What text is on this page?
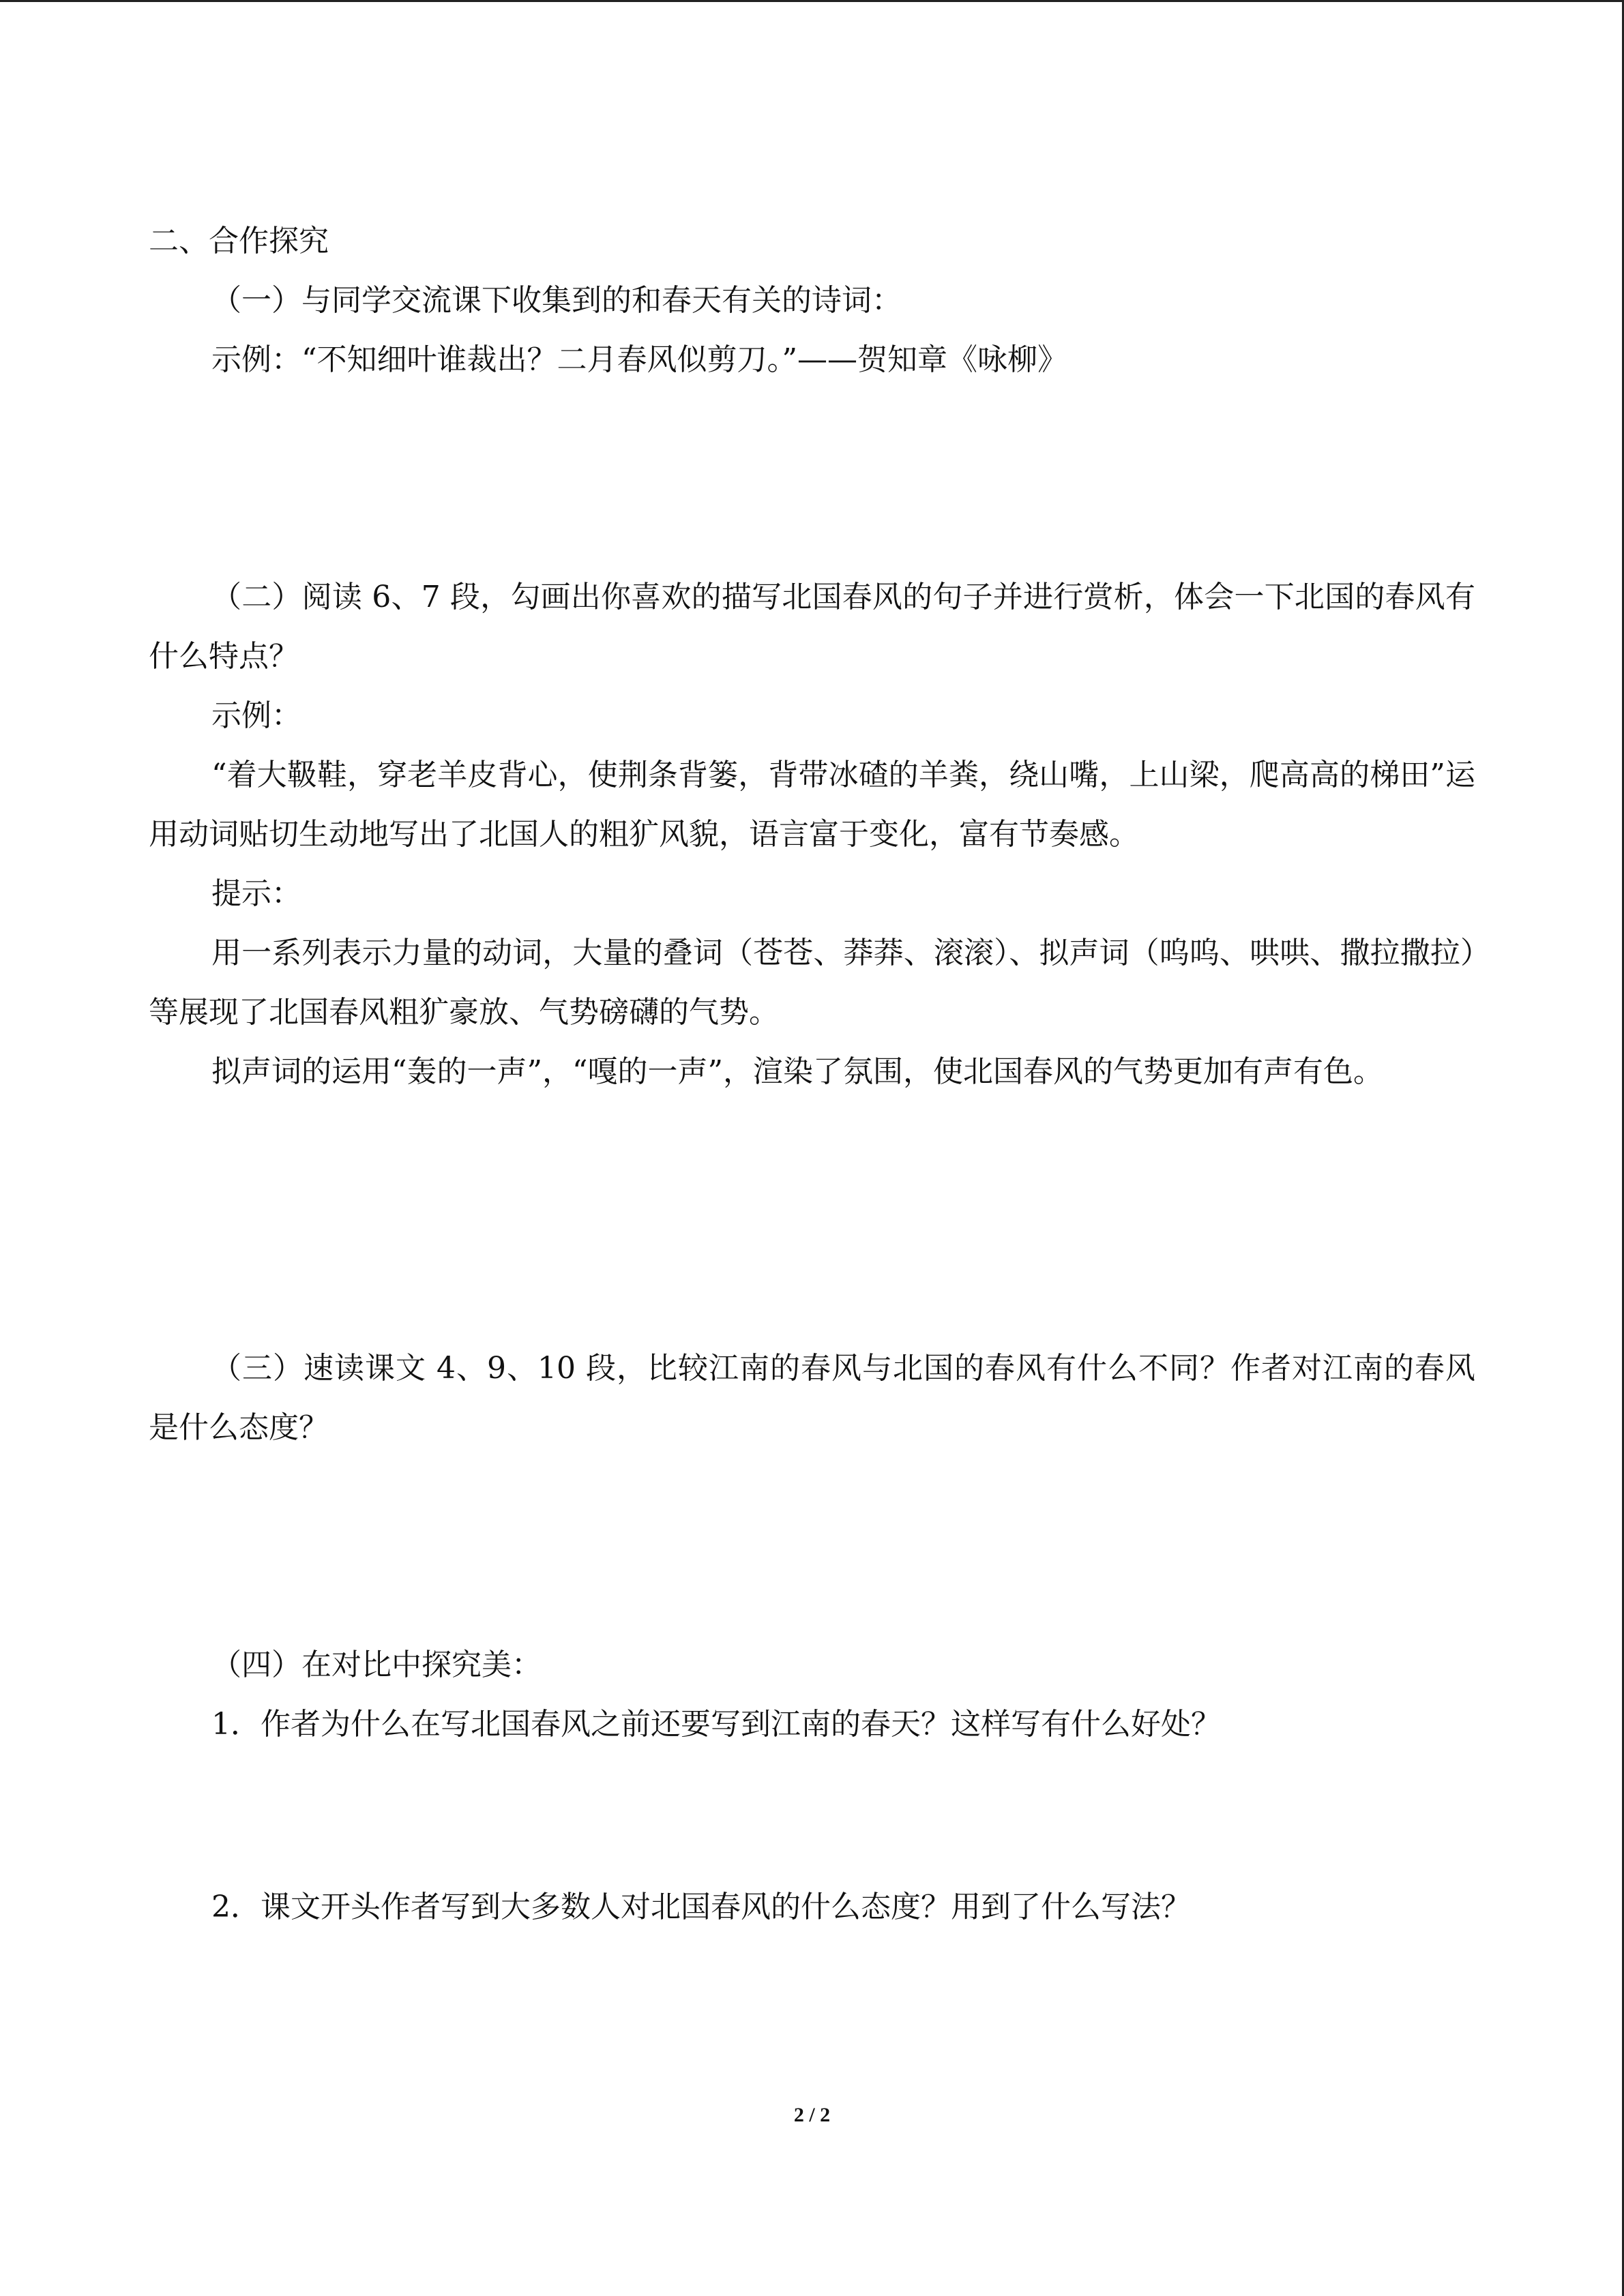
二、合作探究

（一）与同学交流课下收集到的和春天有关的诗词：

示例：“不知细叶谁裁出？二月春风似剪刀。”——贺知章《咏柳》

（二）阅读 6、7 段，勾画出你喜欢的描写北国春风的句子并进行赏析，体会一下北国的春风有什么特点？

示例：

“着大靸鞋，穿老羊皮背心，使荆条背篓，背带冰碴的羊粪，绕山嘴，上山梁，爬高高的梯田”运用动词贴切生动地写出了北国人的粗犷风貌，语言富于变化，富有节奏感。

提示：

用一系列表示力量的动词，大量的叠词（苍苍、莽莽、滚滚）、拟声词（呜呜、哄哄、撒拉撒拉）等展现了北国春风粗犷豪放、气势磅礴的气势。

拟声词的运用“轰的一声”，“嘎的一声”，渲染了氛围，使北国春风的气势更加有声有色。

（三）速读课文 4、9、10 段，比较江南的春风与北国的春风有什么不同？作者对江南的春风是什么态度？

（四）在对比中探究美：

1．作者为什么在写北国春风之前还要写到江南的春天？这样写有什么好处？

2．课文开头作者写到大多数人对北国春风的什么态度？用到了什么写法？

2 / 2
